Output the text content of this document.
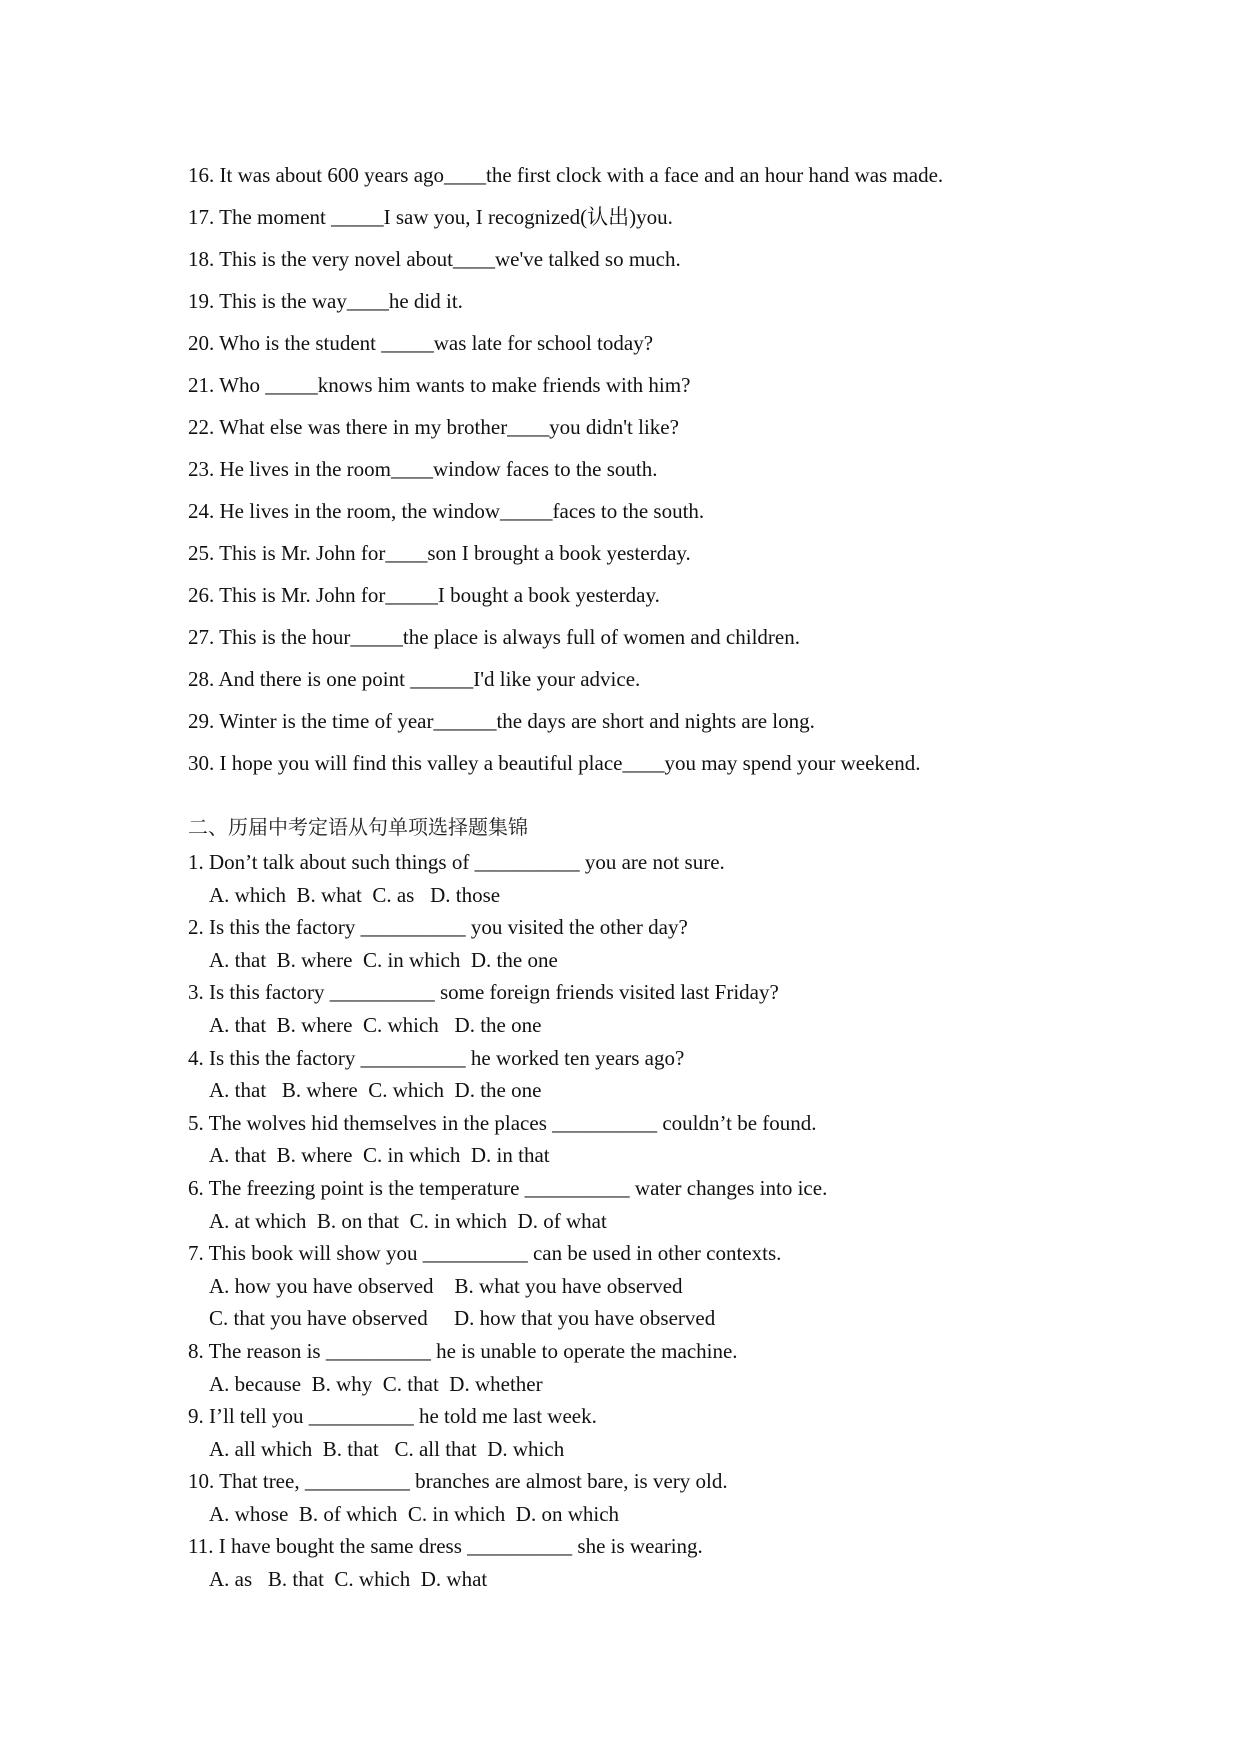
16. It was about 600 years ago____the first clock with a face and an hour hand was made.
17. The moment _____I saw you, I recognized(认出)you.
18. This is the very novel about____we've talked so much.
19. This is the way____he did it.
20. Who is the student _____was late for school today?
21. Who _____knows him wants to make friends with him?
22. What else was there in my brother____you didn't like?
23. He lives in the room____window faces to the south.
24. He lives in the room, the window_____faces to the south.
25. This is Mr. John for____son I brought a book yesterday.
26. This is Mr. John for_____I bought a book yesterday.
27. This is the hour_____the place is always full of women and children.
28. And there is one point ______I'd like your advice.
29. Winter is the time of year______the days are short and nights are long.
30. I hope you will find this valley a beautiful place____you may spend your weekend.
二、历届中考定语从句单项选择题集锦
1. Don’t talk about such things of __________ you are not sure.
A. which  B. what  C. as   D. those
2. Is this the factory __________ you visited the other day?
A. that  B. where  C. in which  D. the one
3. Is this factory __________ some foreign friends visited last Friday?
A. that  B. where  C. which   D. the one
4. Is this the factory __________ he worked ten years ago?
A. that   B. where  C. which  D. the one
5. The wolves hid themselves in the places __________ couldn’t be found.
A. that  B. where  C. in which  D. in that
6. The freezing point is the temperature __________ water changes into ice.
A. at which  B. on that  C. in which  D. of what
7. This book will show you __________ can be used in other contexts.
A. how you have observed    B. what you have observed
C. that you have observed     D. how that you have observed
8. The reason is __________ he is unable to operate the machine.
A. because  B. why  C. that  D. whether
9. I’ll tell you __________ he told me last week.
A. all which  B. that   C. all that  D. which
10. That tree, __________ branches are almost bare, is very old.
A. whose  B. of which  C. in which  D. on which
11. I have bought the same dress __________ she is wearing.
A. as   B. that  C. which  D. what
